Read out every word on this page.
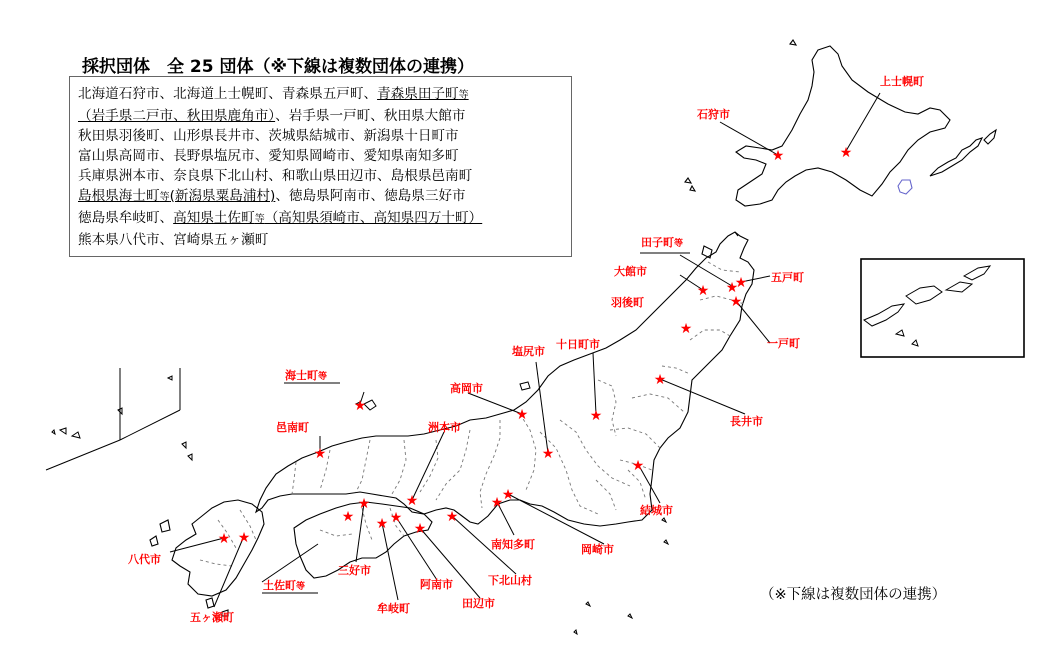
★
★
★
★ ★
★
★
★
★
★
★
★
★
★
★
★
★
★ ★
★
★
★	★
★
★
上士幌町
石狩市
田子町等
大館市	五戸町
羽後町
一戸町
十日町市
塩尻市
海士町等
高岡市
長井市
邑南町	洲本市
結城市
南知多町	岡崎市
八代市
土佐町等
三好市
阿南市	下北山村
田辺市
牟岐町
五ヶ瀬町
採択団体　全 25 団体（※下線は複数団体の連携）
北海道石狩市、北海道上士幌町、青森県五戸町、青森県田子町等
（岩手県二戸市、秋田県鹿角市）、岩手県一戸町、秋田県大館市
秋田県羽後町、山形県長井市、茨城県結城市、新潟県十日町市
富山県高岡市、長野県塩尻市、愛知県岡崎市、愛知県南知多町
兵庫県洲本市、奈良県下北山村、和歌山県田辺市、島根県邑南町
島根県海士町等(新潟県粟島浦村)、徳島県阿南市、徳島県三好市
徳島県牟岐町、高知県土佐町等（高知県須崎市、高知県四万十町）
熊本県八代市、宮崎県五ヶ瀬町
（※下線は複数団体の連携）
